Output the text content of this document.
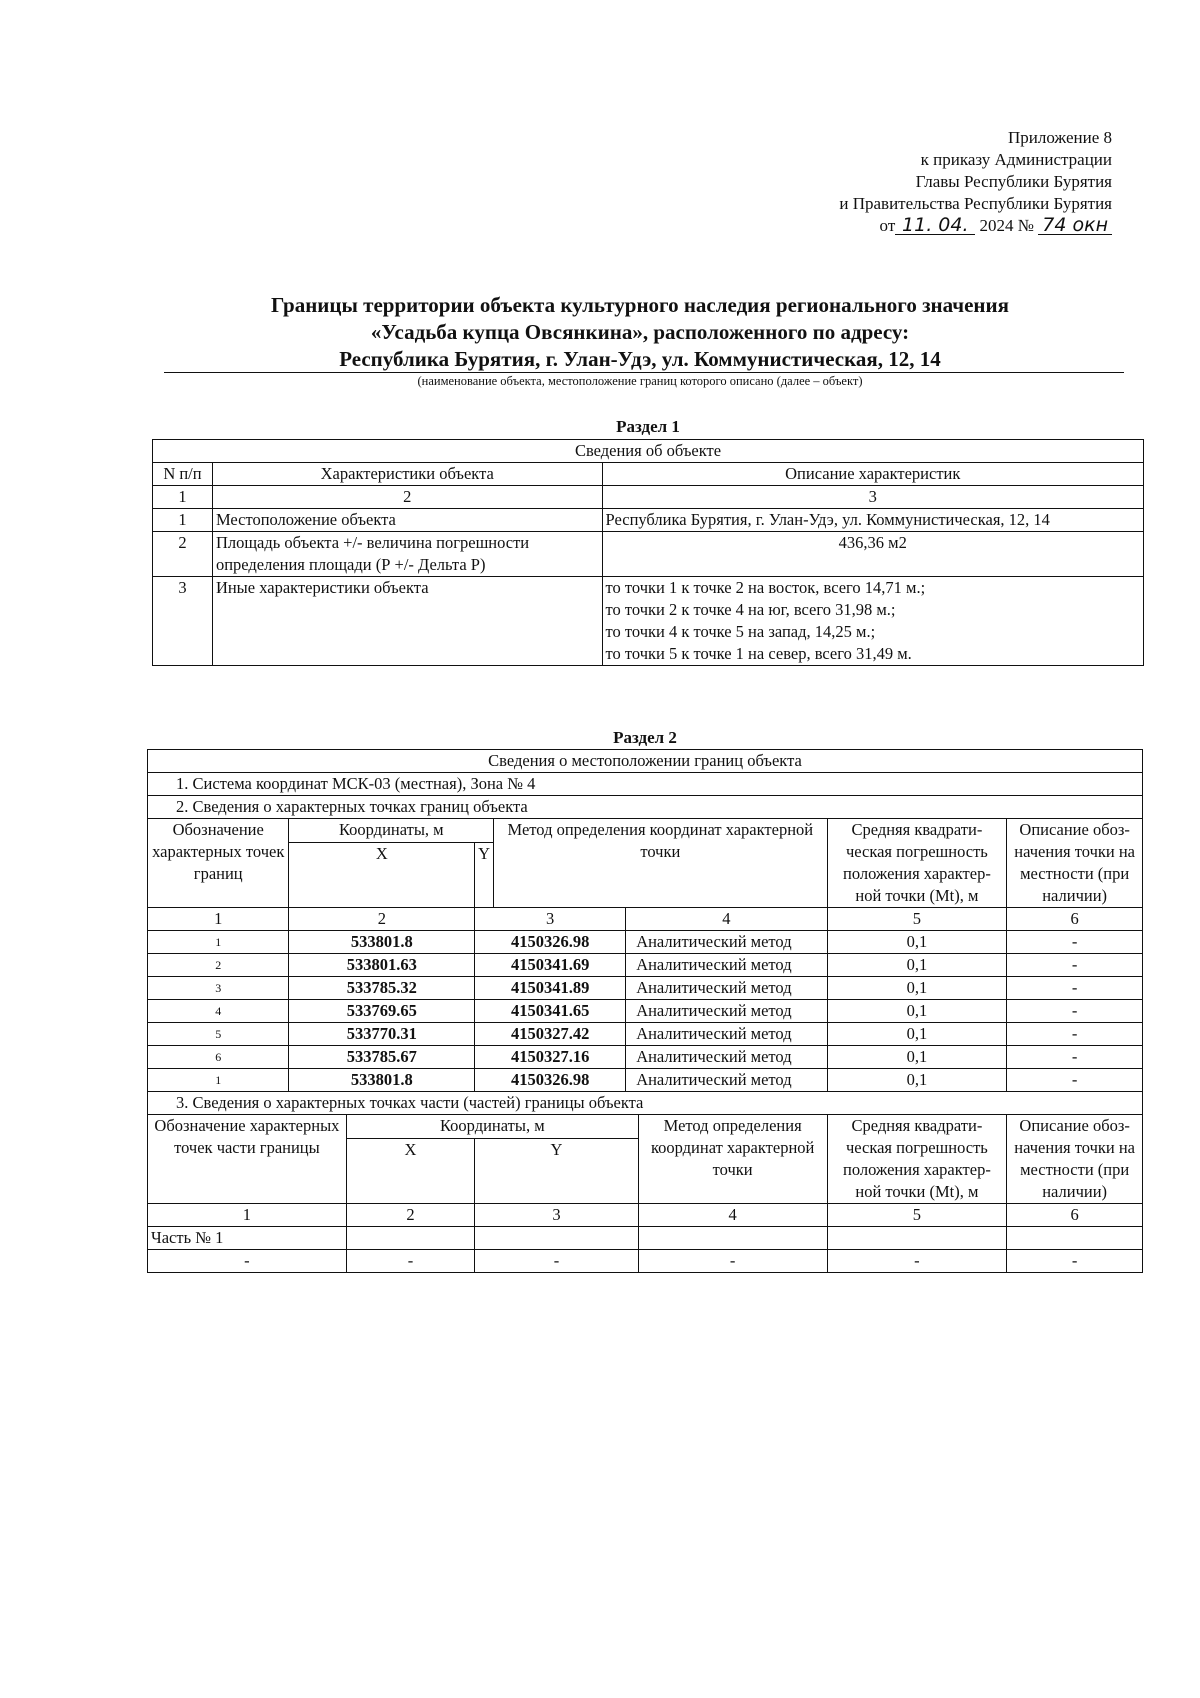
Приложение 8
к приказу Администрации
Главы Республики Бурятия
и Правительства Республики Бурятия
от 11. 04. 2024 № 74 окн
Границы территории объекта культурного наследия регионального значения
«Усадьба купца Овсянкина», расположенного по адресу:
Республика Бурятия, г. Улан-Удэ, ул. Коммунистическая, 12, 14
(наименование объекта, местоположение границ которого описано (далее – объект)
Раздел 1
Сведения об объекте		
N п/п	Характеристики объекта	Описание характеристик
1	2	3
1	Местоположение объекта	Республика Бурятия, г. Улан-Удэ, ул. Коммунистическая, 12, 14
2	Площадь объекта +/- величина погрешности определения площади (Р +/- Дельта Р)	436,36 м2
3	Иные характеристики объекта	то точки 1 к точке 2 на восток, всего 14,71 м.;
то точки 2 к точке 4 на юг, всего 31,98 м.;
то точки 4 к точке 5 на запад, 14,25 м.;
то точки 5 к точке 1 на север, всего 31,49 м.
Раздел 2
Сведения о местоположении границ объекта								
1. Система координат МСК-03 (местная), Зона № 4								
2. Сведения о характерных точках границ объекта								
Обозначение характерных точек границ	Координаты, м			Метод определения координат характерной точки			Средняя квадрати-ческая погрешность положения характер-ной точки (Mt), м	Описание обоз-начения точки на местности (при наличии)
	X		Y					
1	2		3		4		5	6
1	533801.8		4150326.98		Аналитический метод		0,1	-
2	533801.63		4150341.69		Аналитический метод		0,1	-
3	533785.32		4150341.89		Аналитический метод		0,1	-
4	533769.65		4150341.65		Аналитический метод		0,1	-
5	533770.31		4150327.42		Аналитический метод		0,1	-
6	533785.67		4150327.16		Аналитический метод		0,1	-
1	533801.8		4150326.98		Аналитический метод		0,1	-
3. Сведения о характерных точках части (частей) границы объекта								
Обозначение характерных точек части границы		Координаты, м				Метод определения координат характерной точки	Средняя квадрати-ческая погрешность положения характер-ной точки (Mt), м	Описание обоз-начения точки на местности (при наличии)
		X	Y					
1		2	3			4	5	6
Часть № 1								
-		-	-			-	-	-
